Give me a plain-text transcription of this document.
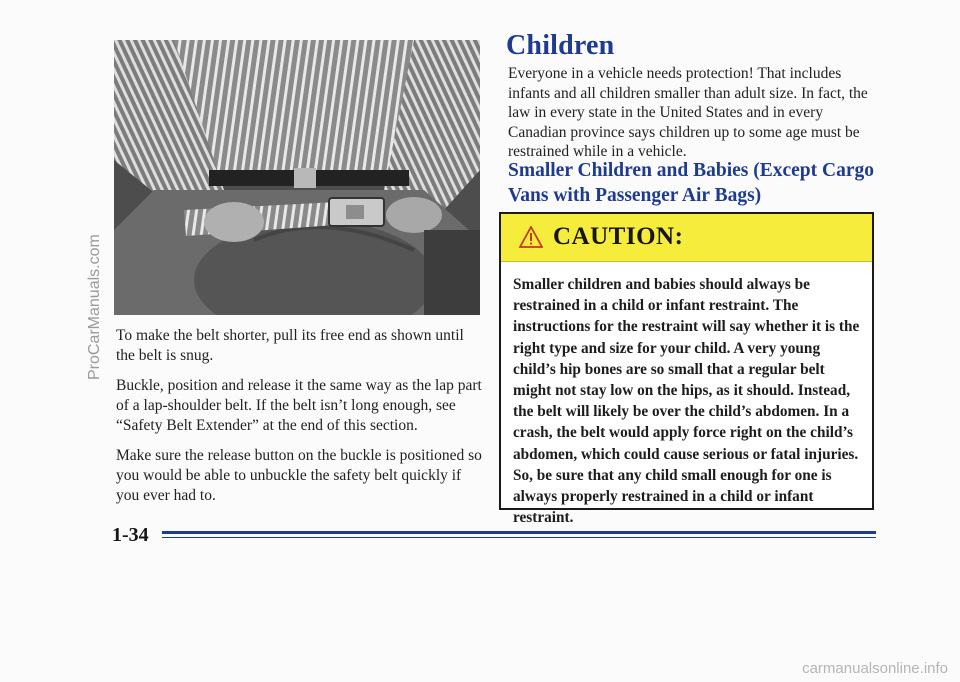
To make the belt shorter, pull its free end as shown until the belt is snug.

Buckle, position and release it the same way as the lap part of a lap-shoulder belt. If the belt isn’t long enough, see “Safety Belt Extender” at the end of this section.

Make sure the release button on the buckle is positioned so you would be able to unbuckle the safety belt quickly if you ever had to.

Children

Everyone in a vehicle needs protection! That includes infants and all children smaller than adult size. In fact, the law in every state in the United States and in every Canadian province says children up to some age must be restrained while in a vehicle.

Smaller Children and Babies (Except Cargo Vans with Passenger Air Bags)
CAUTION:

Smaller children and babies should always be restrained in a child or infant restraint. The instructions for the restraint will say whether it is the right type and size for your child. A very young child’s hip bones are so small that a regular belt might not stay low on the hips, as it should. Instead, the belt will likely be over the child’s abdomen. In a crash, the belt would apply force right on the child’s abdomen, which could cause serious or fatal injuries. So, be sure that any child small enough for one is always properly restrained in a child or infant restraint.

1-34
ProCarManuals.com
carmanualsonline.info
